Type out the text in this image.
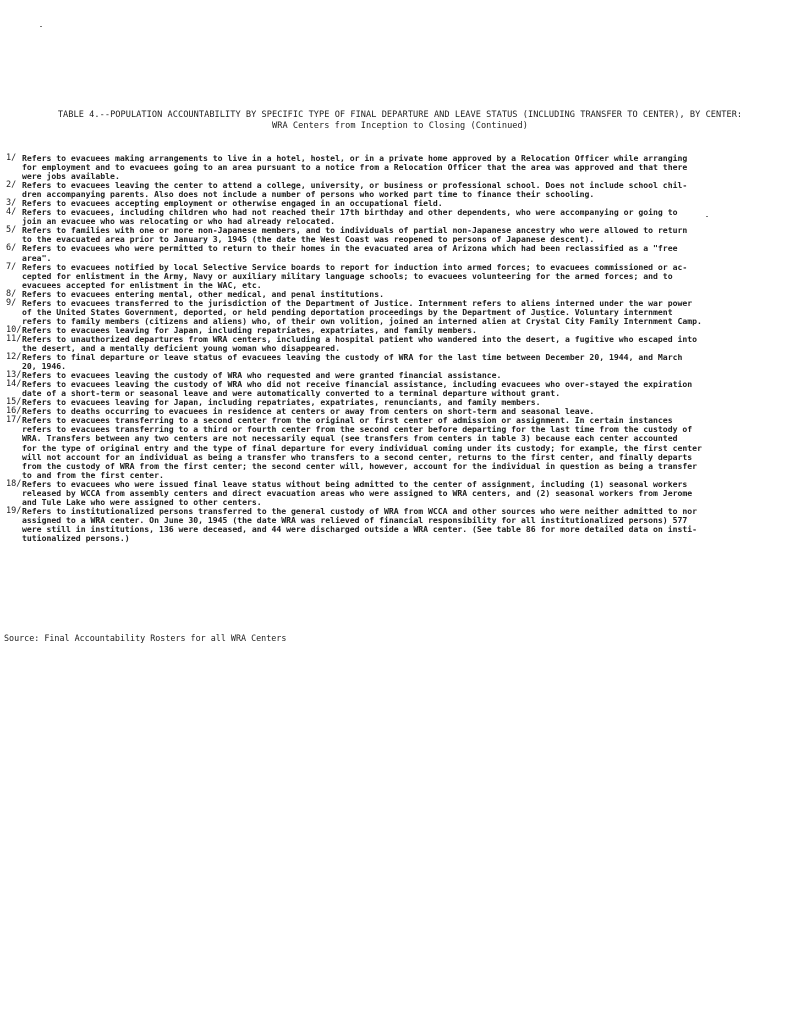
TABLE 4.--POPULATION ACCOUNTABILITY BY SPECIFIC TYPE OF FINAL DEPARTURE AND LEAVE STATUS (INCLUDING TRANSFER TO CENTER), BY CENTER:
WRA Centers from Inception to Closing (Continued)
1/ Refers to evacuees making arrangements to live in a hotel, hostel, or in a private home approved by a Relocation Officer while arranging
for employment and to evacuees going to an area pursuant to a notice from a Relocation Officer that the area was approved and that there
were jobs available.
2/ Refers to evacuees leaving the center to attend a college, university, or business or professional school. Does not include school chil-
dren accompanying parents. Also does not include a number of persons who worked part time to finance their schooling.
3/ Refers to evacuees accepting employment or otherwise engaged in an occupational field.
4/ Refers to evacuees, including children who had not reached their 17th birthday and other dependents, who were accompanying or going to
join an evacuee who was relocating or who had already relocated.
5/ Refers to families with one or more non-Japanese members, and to individuals of partial non-Japanese ancestry who were allowed to return
to the evacuated area prior to January 3, 1945 (the date the West Coast was reopened to persons of Japanese descent).
6/ Refers to evacuees who were permitted to return to their homes in the evacuated area of Arizona which had been reclassified as a "free
area".
7/ Refers to evacuees notified by local Selective Service boards to report for induction into armed forces; to evacuees commissioned or ac-
cepted for enlistment in the Army, Navy or auxiliary military language schools; to evacuees volunteering for the armed forces; and to
evacuees accepted for enlistment in the WAC, etc.
8/ Refers to evacuees entering mental, other medical, and penal institutions.
9/ Refers to evacuees transferred to the jurisdiction of the Department of Justice. Internment refers to aliens interned under the war power
of the United States Government, deported, or held pending deportation proceedings by the Department of Justice. Voluntary internment
refers to family members (citizens and aliens) who, of their own volition, joined an interned alien at Crystal City Family Internment Camp.
10/ Refers to evacuees leaving for Japan, including repatriates, expatriates, and family members.
11/ Refers to unauthorized departures from WRA centers, including a hospital patient who wandered into the desert, a fugitive who escaped into
the desert, and a mentally deficient young woman who disappeared.
12/ Refers to final departure or leave status of evacuees leaving the custody of WRA for the last time between December 20, 1944, and March
20, 1946.
13/ Refers to evacuees leaving the custody of WRA who requested and were granted financial assistance.
14/ Refers to evacuees leaving the custody of WRA who did not receive financial assistance, including evacuees who over-stayed the expiration
date of a short-term or seasonal leave and were automatically converted to a terminal departure without grant.
15/ Refers to evacuees leaving for Japan, including repatriates, expatriates, renunciants, and family members.
16/ Refers to deaths occurring to evacuees in residence at centers or away from centers on short-term and seasonal leave.
17/ Refers to evacuees transferring to a second center from the original or first center of admission or assignment. In certain instances
refers to evacuees transferring to a third or fourth center from the second center before departing for the last time from the custody of
WRA. Transfers between any two centers are not necessarily equal (see transfers from centers in table 3) because each center accounted
for the type of original entry and the type of final departure for every individual coming under its custody; for example, the first center
will not account for an individual as being a transfer who transfers to a second center, returns to the first center, and finally departs
from the custody of WRA from the first center; the second center will, however, account for the individual in question as being a transfer
to and from the first center.
18/ Refers to evacuees who were issued final leave status without being admitted to the center of assignment, including (1) seasonal workers
released by WCCA from assembly centers and direct evacuation areas who were assigned to WRA centers, and (2) seasonal workers from Jerome
and Tule Lake who were assigned to other centers.
19/ Refers to institutionalized persons transferred to the general custody of WRA from WCCA and other sources who were neither admitted to nor
assigned to a WRA center. On June 30, 1945 (the date WRA was relieved of financial responsibility for all institutionalized persons) 577
were still in institutions, 136 were deceased, and 44 were discharged outside a WRA center. (See table 86 for more detailed data on insti-
tutionalized persons.)
Source: Final Accountability Rosters for all WRA Centers
